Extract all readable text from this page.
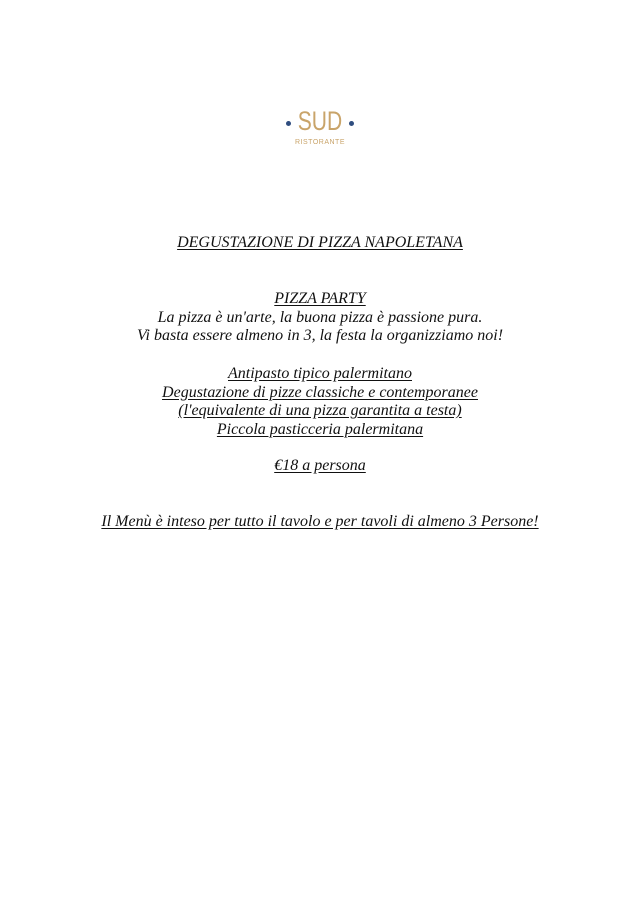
SUD
RISTORANTE
DEGUSTAZIONE DI PIZZA NAPOLETANA
PIZZA PARTY
La pizza è un'arte, la buona pizza è passione pura.
Vi basta essere almeno in 3, la festa la organizziamo noi!
Antipasto tipico palermitano
Degustazione di pizze classiche e contemporanee
(l'equivalente di una pizza garantita a testa)
Piccola pasticceria palermitana
€18 a persona
Il Menù è inteso per tutto il tavolo e per tavoli di almeno 3 Persone!
